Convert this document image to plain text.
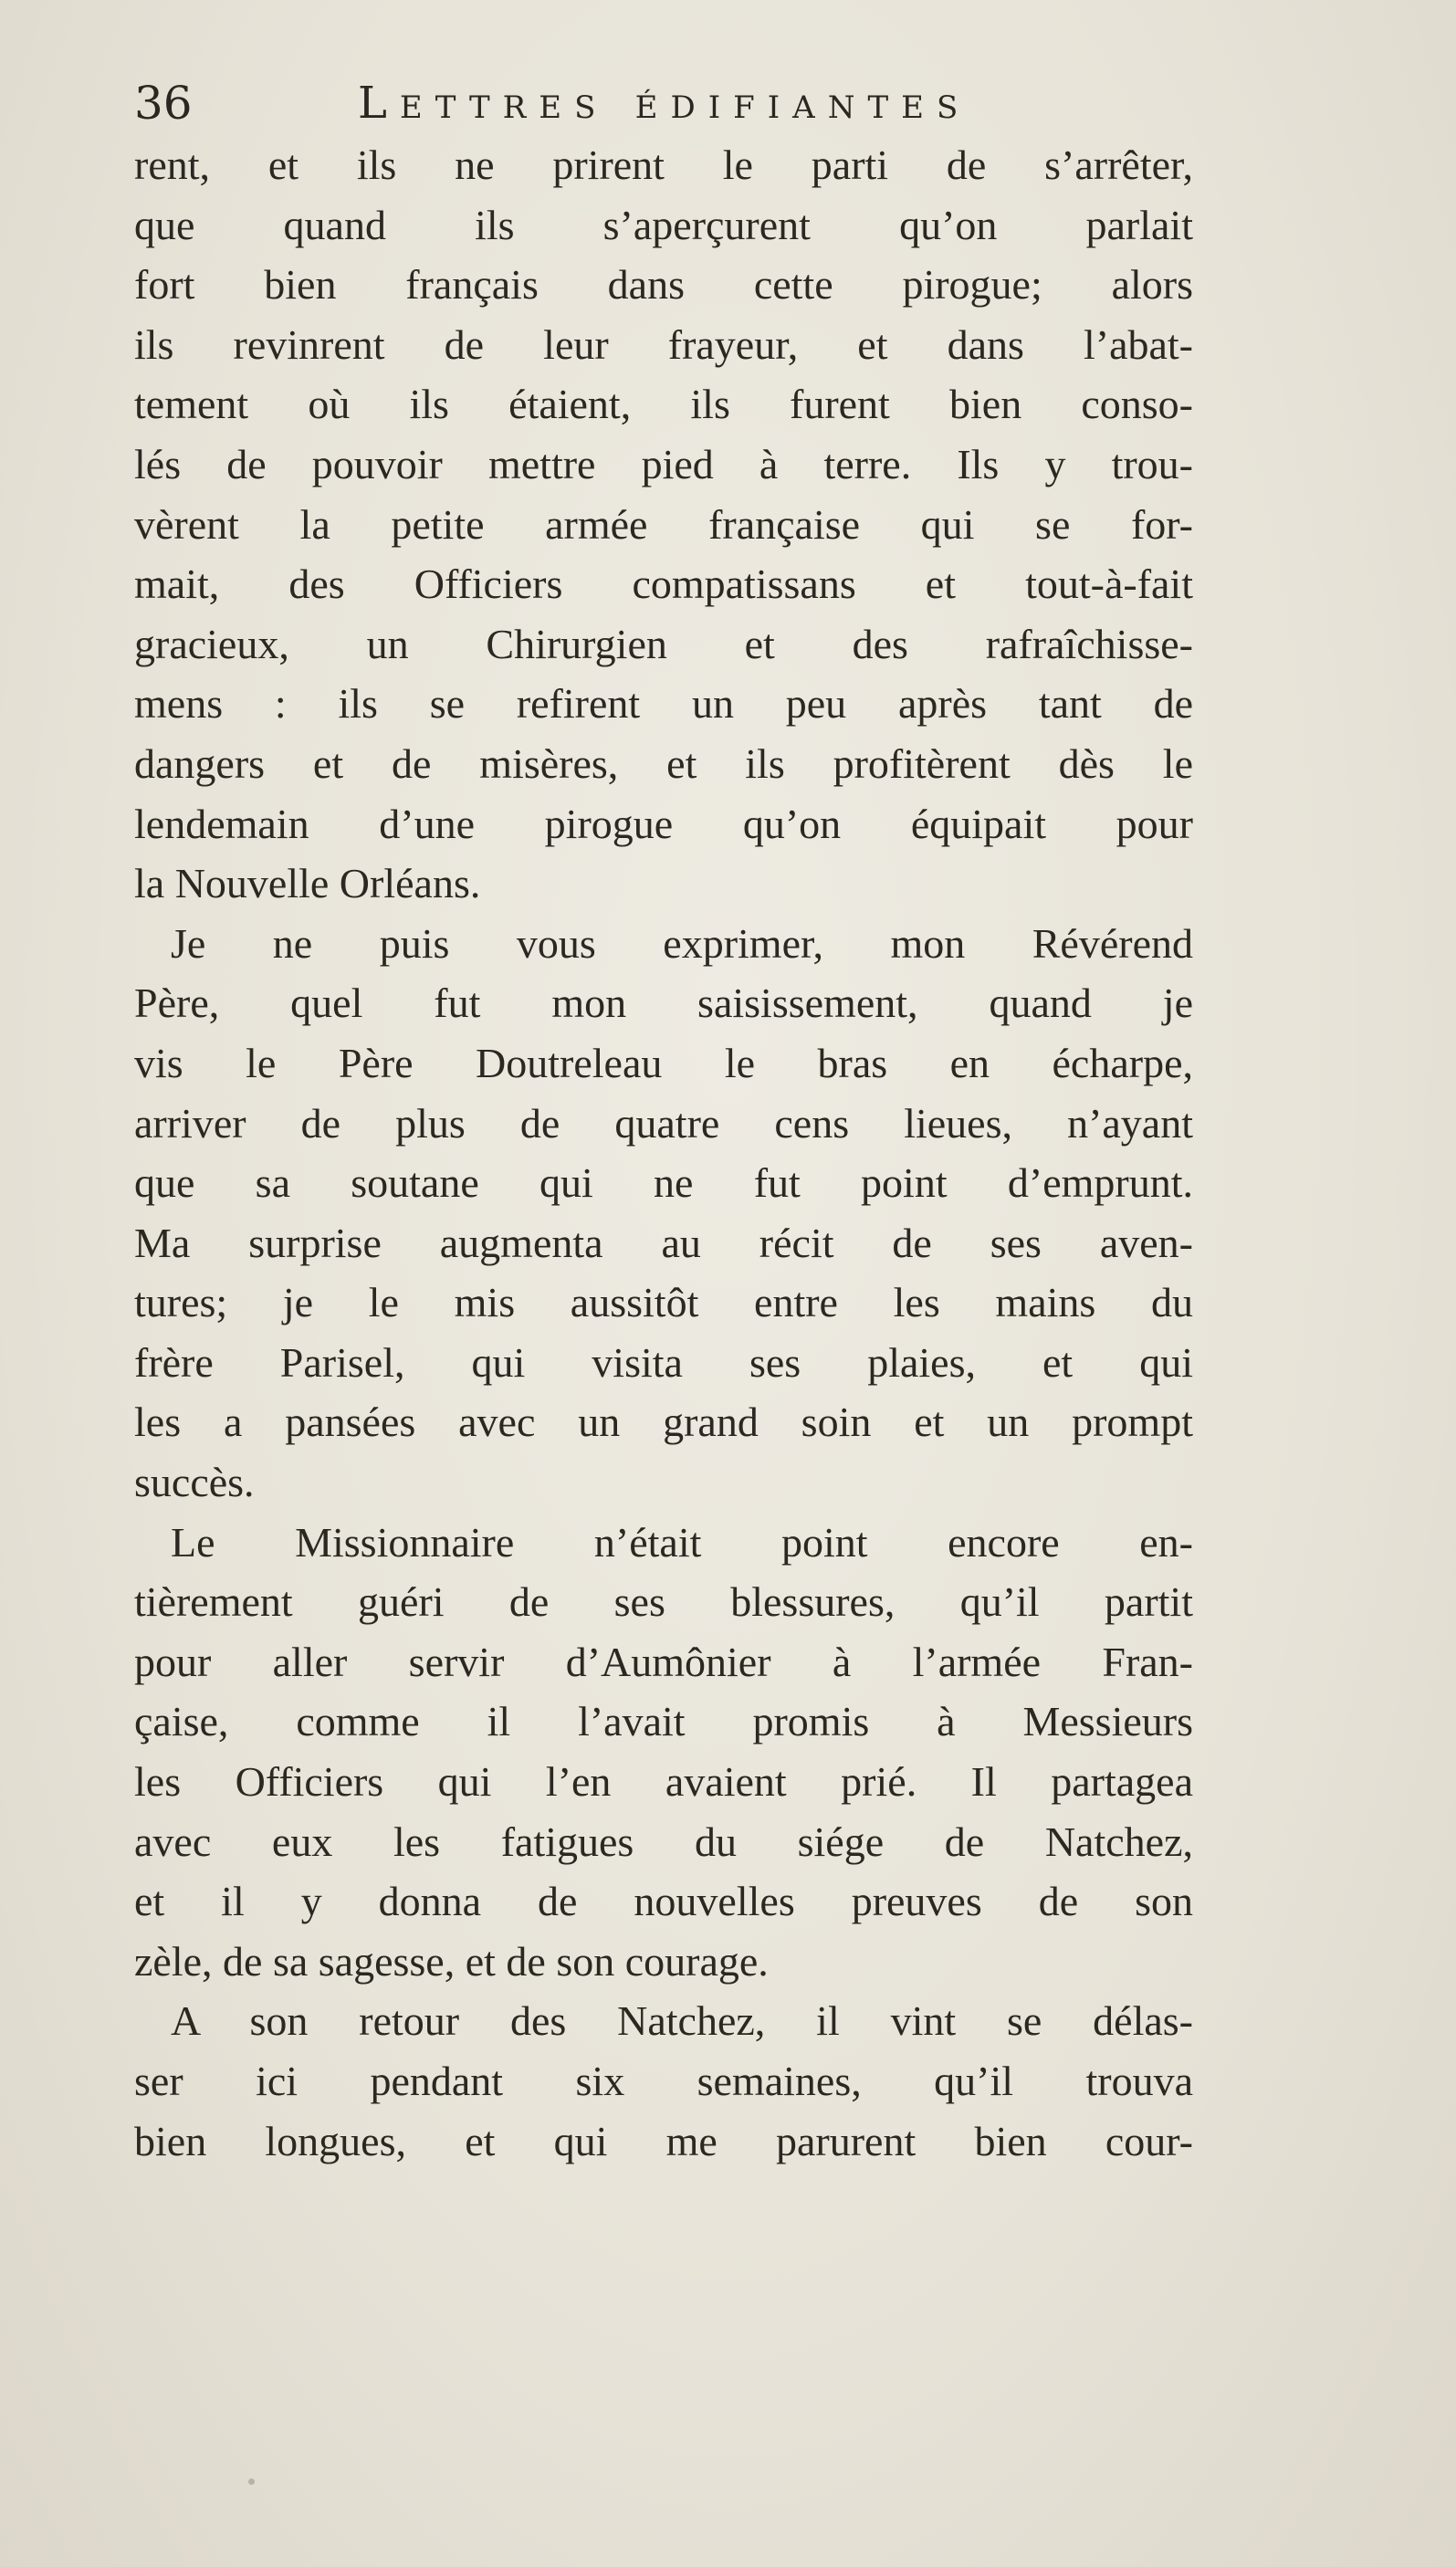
36	Lettres édifiantes
rent, et ils ne prirent le parti de s’arrêter,
que quand ils s’aperçurent qu’on parlait
fort bien français dans cette pirogue; alors
ils revinrent de leur frayeur, et dans l’abat-
tement où ils étaient, ils furent bien conso-
lés de pouvoir mettre pied à terre. Ils y trou-
vèrent la petite armée française qui se for-
mait, des Officiers compatissans et tout-à-fait
gracieux, un Chirurgien et des rafraîchisse-
mens : ils se refirent un peu après tant de
dangers et de misères, et ils profitèrent dès le
lendemain d’une pirogue qu’on équipait pour
la Nouvelle Orléans.
Je ne puis vous exprimer, mon Révérend
Père, quel fut mon saisissement, quand je
vis le Père Doutreleau le bras en écharpe,
arriver de plus de quatre cens lieues, n’ayant
que sa soutane qui ne fut point d’emprunt.
Ma surprise augmenta au récit de ses aven-
tures; je le mis aussitôt entre les mains du
frère Parisel, qui visita ses plaies, et qui
les a pansées avec un grand soin et un prompt
succès.
Le Missionnaire n’était point encore en-
tièrement guéri de ses blessures, qu’il partit
pour aller servir d’Aumônier à l’armée Fran-
çaise, comme il l’avait promis à Messieurs
les Officiers qui l’en avaient prié. Il partagea
avec eux les fatigues du siége de Natchez,
et il y donna de nouvelles preuves de son
zèle, de sa sagesse, et de son courage.
A son retour des Natchez, il vint se délas-
ser ici pendant six semaines, qu’il trouva
bien longues, et qui me parurent bien cour-
